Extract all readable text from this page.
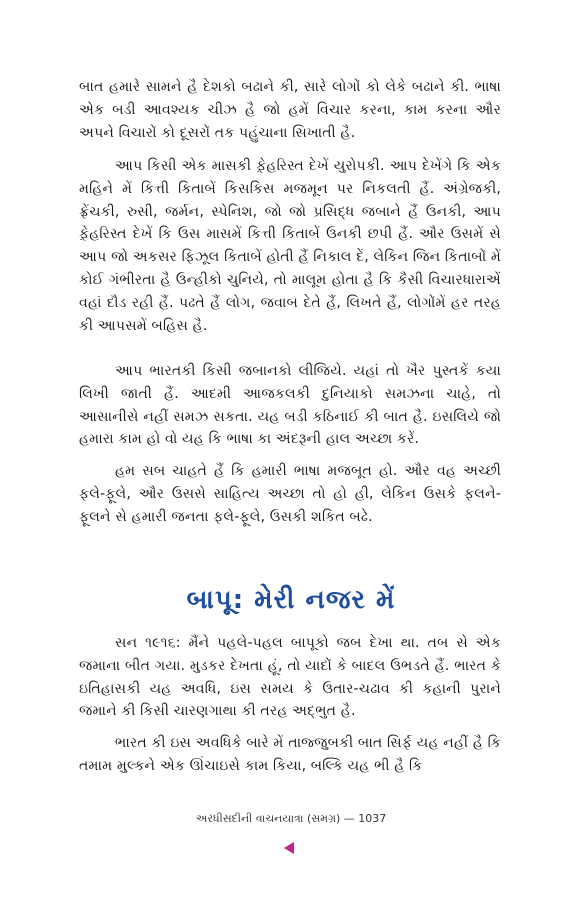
બાત હમારે સામને હૈ દેશકો બઢાને કી, સારે લોગોં કો લેકે બઢાને કી. ભાષા એક બડી આવશ્યક ચીઝ હૈ જો હમેં વિચાર કરના, કામ કરના ઔર અપને વિચારોં કો દૂસરોં તક પહુંચાના સિખાતી હૈ.

આપ કિસી એક માસકી ફ઼ેહરિસ્ત દેખેં યુરોપકી. આપ દેખેંગે કિ એક મહિને મેં કિત્તી કિતાબેં કિસકિસ મજમૂન પર નિકલતી હૈં. અંગ્રેજકી, ફ્રેંચકી, રુસી, જર્મન, સ્પેનિશ, જો જો પ્રસિદ્ધ જબાને હૈં ઉનકી, આપ ફ઼ેહરિસ્ત દેખેં કિ ઉસ માસમેં કિત્તી કિતાબેં ઉનકી છપી હૈં. ઔર ઉસમેં સે આપ જો અકસર ફિઝૂલ કિતાબેં હોતી હૈં નિકાલ દેં, લેકિન જિન કિતાબોં મેં કોઈ ગંભીરતા હૈ ઉન્હીકો ચુનિયે, તો માલૂમ હોતા હૈ કિ કૈસી વિચારધારાએં વહાં દૌડ રહી હૈં. પઢતે હૈં લોગ, જવાબ દેતે હૈં, લિખતે હૈં, લોગોંમેં હર તરહ કી આપસમેં બહિસ હૈ.

આપ ભારતકી કિસી જબાનકો લીજિયે. યહાં તો ખૈર પુસ્તકેં કયા લિખી જાતી હૈં. આદમી આજકલકી દુનિયાકો સમઝના ચાહે, તો આસાનીસે નહીં સમઝ સકતા. યહ બડી કઠિનાઈ કી બાત હૈ. ઇસલિયે જો હમારા કામ હો વો યહ કિ ભાષા કા અંદરૂની હાલ અચ્છા કરેં.

હમ સબ ચાહતે હૈં કિ હમારી ભાષા મજબૂત હો. ઔર વહ અચ્છી ફલે-ફૂલે, ઔર ઉસસે સાહિત્ય અચ્છા તો હો હી, લેકિન ઉસકે ફલને-ફૂલને સે હમારી જનતા ફલે-ફૂલે, ઉસકી શકિત બઢે.

બાપૂ: મેરી નજર મેં

સન ૧૯૧૬: મૈંને પહલે-પહલ બાપૂકો જબ દેખા થા. તબ સે એક જમાના બીત ગયા. મુડકર દેખતા હૂં, તો યાદોં કે બાદલ ઉભડતે હૈં. ભારત કે ઇતિહાસકી યહ અવધિ, ઇસ સમય કે ઉતાર-ચઢાવ કી કહાની પુરાને જમાને કી કિસી ચારણગાથા કી તરહ અદ્ભુત હૈ.

ભારત કી ઇસ અવધિકે બારે મેં તાજ્જુબકી બાત સિર્ફ યહ નહીં હૈ કિ તમામ મુલ્કને એક ઊંચાઇસે કામ કિયા, બલ્કિ યહ ભી હૈ કિ

અરધીસદીની વાચનયાત્રા (સમગ્ર) — 1037
